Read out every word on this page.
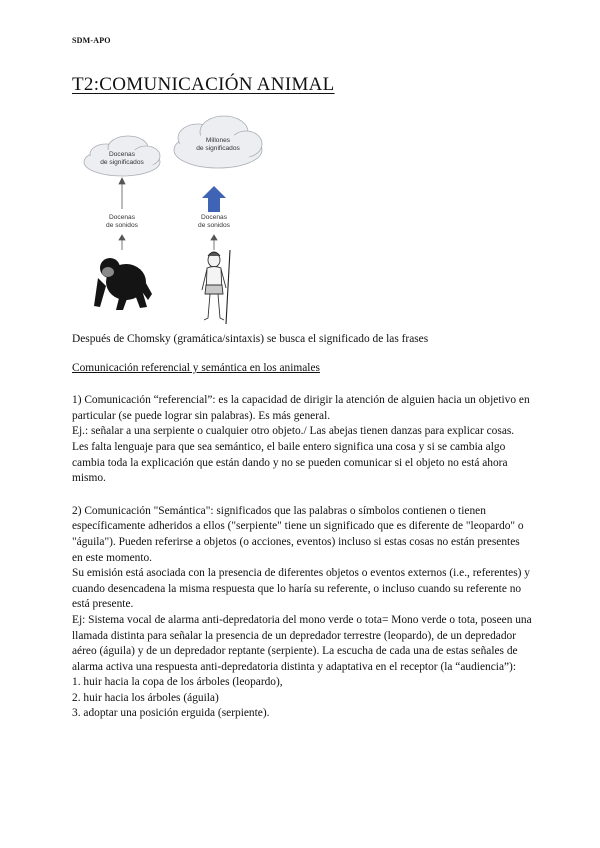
SDM-APO
T2:COMUNICACIÓN ANIMAL
Docenas de significados
Millones de significados
Docenas de sonidos
Docenas de sonidos

Después de Chomsky (gramática/sintaxis) se busca el significado de las frases

Comunicación referencial y semántica en los animales

1) Comunicación “referencial”: es la capacidad de dirigir la atención de alguien hacia un objetivo en particular (se puede lograr sin palabras). Es más general.

Ej.: señalar a una serpiente o cualquier otro objeto./ Las abejas tienen danzas para explicar cosas. Les falta lenguaje para que sea semántico, el baile entero significa una cosa y si se cambia algo cambia toda la explicación que están dando y no se pueden comunicar si el objeto no está ahora mismo.

2) Comunicación "Semántica": significados que las palabras o símbolos contienen o tienen específicamente adheridos a ellos ("serpiente" tiene un significado que es diferente de "leopardo" o "águila"). Pueden referirse a objetos (o acciones, eventos) incluso si estas cosas no están presentes en este momento.

Su emisión está asociada con la presencia de diferentes objetos o eventos externos (i.e., referentes) y cuando desencadena la misma respuesta que lo haría su referente, o incluso cuando su referente no está presente.

Ej: Sistema vocal de alarma anti-depredatoria del mono verde o tota= Mono verde o tota, poseen una llamada distinta para señalar la presencia de un depredador terrestre (leopardo), de un depredador aéreo (águila) y de un depredador reptante (serpiente). La escucha de cada una de estas señales de alarma activa una respuesta anti-depredatoria distinta y adaptativa en el receptor (la “audiencia”):

1. huir hacia la copa de los árboles (leopardo),
2. huir hacia los árboles (águila)
3. adoptar una posición erguida (serpiente).
